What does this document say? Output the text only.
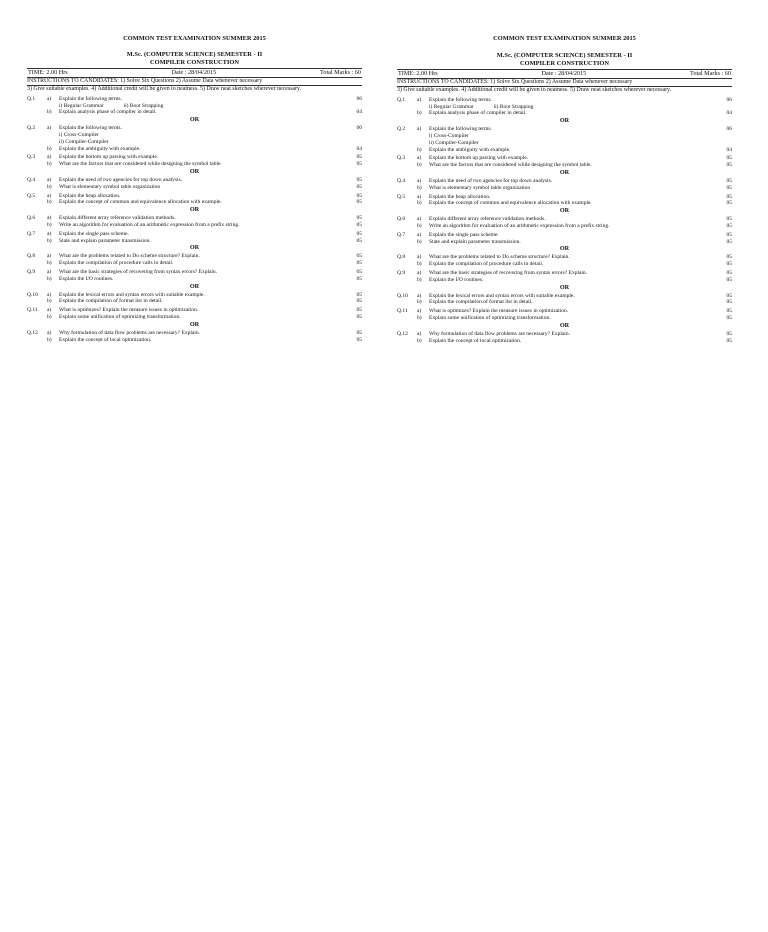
COMMON TEST EXAMINATION SUMMER 2015
M.Sc. (COMPUTER SCIENCE) SEMESTER - II
COMPILER CONSTRUCTION
TIME: 2.00 Hrs	Date : 28/04/2015	Total Marks : 60
INSTRUCTIONS TO CANDIDATES: 1) Solve Six Questions 2) Assume Data whenever necessary
3) Give suitable examples. 4) Additional credit will be given to neatness. 5) Draw neat sketches wherever necessary.
Q.1	a)	Explain the following terms.	06
i) Regular Grammar	ii) Boot Strapping
b)	Explain analysis phase of compiler in detail.	04
OR
Q.2	a)	Explain the following terms.	06
i) Cross-Compiler
ii) Compiler-Compiler
b)	Explain the ambiguity with example.	04
Q.3	a)	Explain the bottom up parsing with example.	05
b)	What are the factors that are considered while designing the symbol table.	05
OR
Q.4	a)	Explain the need of two agencies for top down analysis.	05
b)	What is elementary symbol table organization	05
Q.5	a)	Explain the heap allocation.	05
b)	Explain the concept of common and equivalence allocation with example.	05
OR
Q.6	a)	Explain different array reference validation methods.	05
b)	Write an algorithm for evaluation of an arithmetic expression from a prefix string.	05
Q.7	a)	Explain the single pass scheme.	05
b)	State and explain parameter transmission.	05
OR
Q.8	a)	What are the problems related to Do scheme structure? Explain.	05
b)	Explain the compilation of procedure calls in detail.	05
Q.9	a)	What are the basic strategies of recovering from syntax errors? Explain.	05
b)	Explain the I/O routines.	05
OR
Q.10	a)	Explain the lexical errors and syntax errors with suitable example.	05
b)	Explain the compilation of format list in detail.	05
Q.11	a)	What is optimizes? Explain the measure issues in optimization.	05
b)	Explain some unification of optimizing transformation.	05
OR
Q.12	a)	Why formulation of data flow problems are necessary? Explain.	05
b)	Explain the concept of local optimization.	05
COMMON TEST EXAMINATION SUMMER 2015
M.Sc. (COMPUTER SCIENCE) SEMESTER - II
COMPILER CONSTRUCTION
TIME: 2.00 Hrs	Date : 28/04/2015	Total Marks : 60
INSTRUCTIONS TO CANDIDATES: 1) Solve Six Questions 2) Assume Data whenever necessary
3) Give suitable examples. 4) Additional credit will be given to neatness. 5) Draw neat sketches wherever necessary.
Q.1	a)	Explain the following terms.	06
i) Regular Grammar	ii) Boot Strapping
b)	Explain analysis phase of compiler in detail.	04
OR
Q.2	a)	Explain the following terms.	06
i) Cross-Compiler
ii) Compiler-Compiler
b)	Explain the ambiguity with example.	04
Q.3	a)	Explain the bottom up parsing with example.	05
b)	What are the factors that are considered while designing the symbol table.	05
OR
Q.4	a)	Explain the need of two agencies for top down analysis.	05
b)	What is elementary symbol table organization	05
Q.5	a)	Explain the heap allocation.	05
b)	Explain the concept of common and equivalence allocation with example.	05
OR
Q.6	a)	Explain different array reference validation methods.	05
b)	Write an algorithm for evaluation of an arithmetic expression from a prefix string.	05
Q.7	a)	Explain the single pass scheme.	05
b)	State and explain parameter transmission.	05
OR
Q.8	a)	What are the problems related to Do scheme structure? Explain.	05
b)	Explain the compilation of procedure calls in detail.	05
Q.9	a)	What are the basic strategies of recovering from syntax errors? Explain.	05
b)	Explain the I/O routines.	05
OR
Q.10	a)	Explain the lexical errors and syntax errors with suitable example.	05
b)	Explain the compilation of format list in detail.	05
Q.11	a)	What is optimizes? Explain the measure issues in optimization.	05
b)	Explain some unification of optimizing transformation.	05
OR
Q.12	a)	Why formulation of data flow problems are necessary? Explain.	05
b)	Explain the concept of local optimization.	05
